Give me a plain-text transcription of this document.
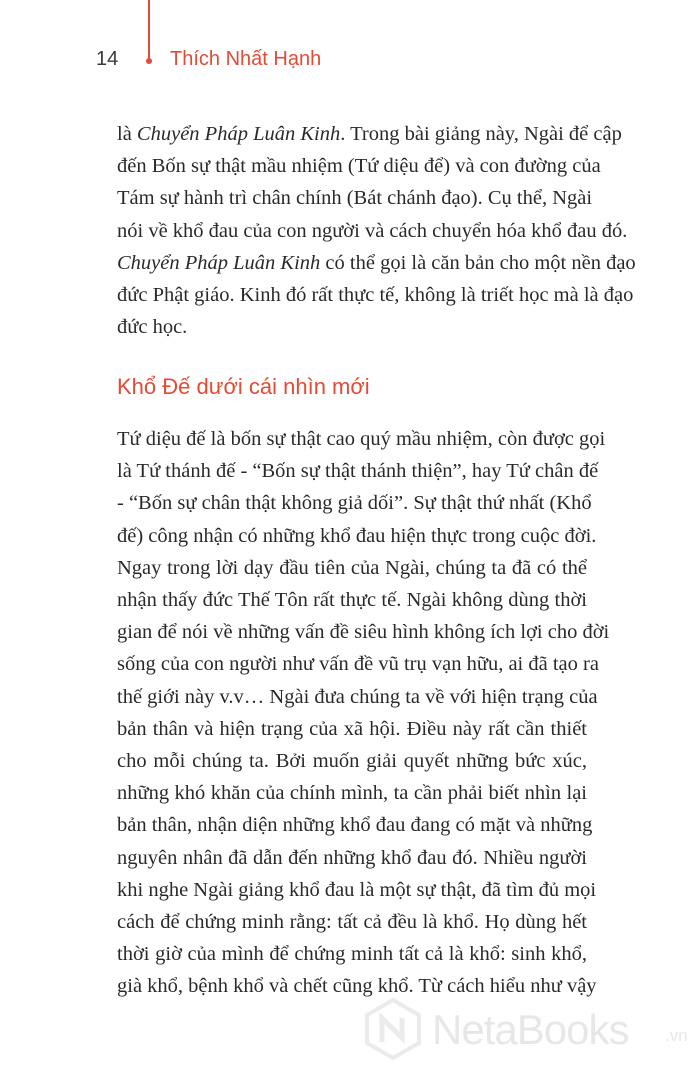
14	Thích Nhất Hạnh
là Chuyển Pháp Luân Kinh. Trong bài giảng này, Ngài để cập
đến Bốn sự thật mầu nhiệm (Tứ diệu để) và con đường của
Tám sự hành trì chân chính (Bát chánh đạo). Cụ thể, Ngài
nói về khổ đau của con người và cách chuyển hóa khổ đau đó.
Chuyển Pháp Luân Kinh có thể gọi là căn bản cho một nền đạo
đức Phật giáo. Kinh đó rất thực tế, không là triết học mà là đạo
đức học.
Khổ Đế dưới cái nhìn mới
Tứ diệu đế là bốn sự thật cao quý mầu nhiệm, còn được gọi
là Tứ thánh đế - “Bốn sự thật thánh thiện”, hay Tứ chân đế
- “Bốn sự chân thật không giả dối”. Sự thật thứ nhất (Khổ
đế) công nhận có những khổ đau hiện thực trong cuộc đời.
Ngay trong lời dạy đầu tiên của Ngài, chúng ta đã có thể
nhận thấy đức Thế Tôn rất thực tế. Ngài không dùng thời
gian để nói về những vấn đề siêu hình không ích lợi cho đời
sống của con người như vấn đề vũ trụ vạn hữu, ai đã tạo ra
thế giới này v.v… Ngài đưa chúng ta về với hiện trạng của
bản thân và hiện trạng của xã hội. Điều này rất cần thiết
cho mỗi chúng ta. Bởi muốn giải quyết những bức xúc,
những khó khăn của chính mình, ta cần phải biết nhìn lại
bản thân, nhận diện những khổ đau đang có mặt và những
nguyên nhân đã dẫn đến những khổ đau đó. Nhiều người
khi nghe Ngài giảng khổ đau là một sự thật, đã tìm đủ mọi
cách để chứng minh rằng: tất cả đều là khổ. Họ dùng hết
thời giờ của mình để chứng minh tất cả là khổ: sinh khổ,
già khổ, bệnh khổ và chết cũng khổ. Từ cách hiểu như vậy
NetaBooks .vn
